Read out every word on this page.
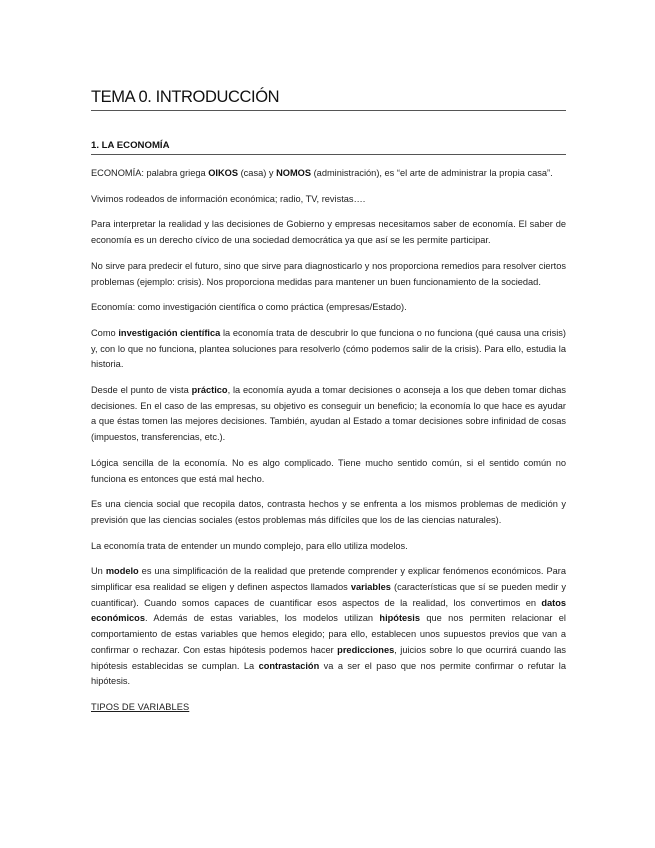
TEMA 0. INTRODUCCIÓN
1. LA ECONOMÍA

ECONOMÍA: palabra griega OIKOS (casa) y NOMOS (administración), es “el arte de administrar la propia casa”.

Vivimos rodeados de información económica; radio, TV, revistas….

Para interpretar la realidad y las decisiones de Gobierno y empresas necesitamos saber de economía. El saber de economía es un derecho cívico de una sociedad democrática ya que así se les permite participar.

No sirve para predecir el futuro, sino que sirve para diagnosticarlo y nos proporciona remedios para resolver ciertos problemas (ejemplo: crisis). Nos proporciona medidas para mantener un buen funcionamiento de la sociedad.

Economía: como investigación científica o como práctica (empresas/Estado).

Como investigación científica la economía trata de descubrir lo que funciona o no funciona (qué causa una crisis) y, con lo que no funciona, plantea soluciones para resolverlo (cómo podemos salir de la crisis). Para ello, estudia la historia.

Desde el punto de vista práctico, la economía ayuda a tomar decisiones o aconseja a los que deben tomar dichas decisiones. En el caso de las empresas, su objetivo es conseguir un beneficio; la economía lo que hace es ayudar a que éstas tomen las mejores decisiones. También, ayudan al Estado a tomar decisiones sobre infinidad de cosas (impuestos, transferencias, etc.).

Lógica sencilla de la economía. No es algo complicado. Tiene mucho sentido común, si el sentido común no funciona es entonces que está mal hecho.

Es una ciencia social que recopila datos, contrasta hechos y se enfrenta a los mismos problemas de medición y previsión que las ciencias sociales (estos problemas más difíciles que los de las ciencias naturales).

La economía trata de entender un mundo complejo, para ello utiliza modelos.

Un modelo es una simplificación de la realidad que pretende comprender y explicar fenómenos económicos. Para simplificar esa realidad se eligen y definen aspectos llamados variables (características que sí se pueden medir y cuantificar). Cuando somos capaces de cuantificar esos aspectos de la realidad, los convertimos en datos económicos. Además de estas variables, los modelos utilizan hipótesis que nos permiten relacionar el comportamiento de estas variables que hemos elegido; para ello, establecen unos supuestos previos que van a confirmar o rechazar. Con estas hipótesis podemos hacer predicciones, juicios sobre lo que ocurrirá cuando las hipótesis establecidas se cumplan. La contrastación va a ser el paso que nos permite confirmar o refutar la hipótesis.

TIPOS DE VARIABLES
